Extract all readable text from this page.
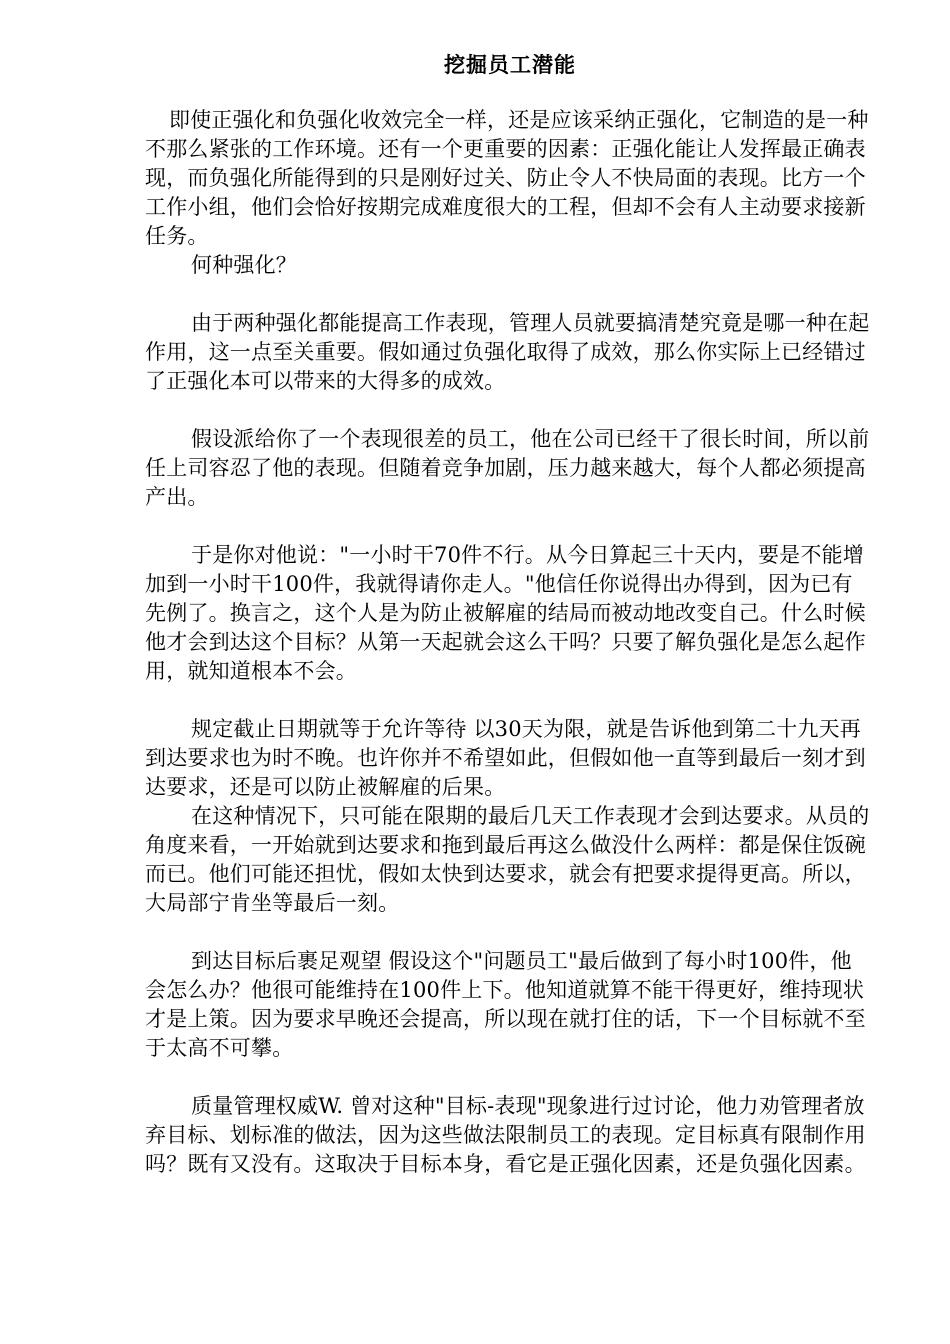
挖掘员工潜能

即使正强化和负强化收效完全一样，还是应该采纳正强化，它制造的是一种不那么紧张的工作环境。还有一个更重要的因素：正强化能让人发挥最正确表现，而负强化所能得到的只是刚好过关、防止令人不快局面的表现。比方一个工作小组，他们会恰好按期完成难度很大的工程，但却不会有人主动要求接新任务。

何种强化？

由于两种强化都能提高工作表现，管理人员就要搞清楚究竟是哪一种在起作用，这一点至关重要。假如通过负强化取得了成效，那么你实际上已经错过了正强化本可以带来的大得多的成效。

假设派给你了一个表现很差的员工，他在公司已经干了很长时间，所以前任上司容忍了他的表现。但随着竞争加剧，压力越来越大，每个人都必须提高产出。

于是你对他说："一小时干70件不行。从今日算起三十天内，要是不能增加到一小时干100件，我就得请你走人。"他信任你说得出办得到，因为已有先例了。换言之，这个人是为防止被解雇的结局而被动地改变自己。什么时候他才会到达这个目标？从第一天起就会这么干吗？只要了解负强化是怎么起作用，就知道根本不会。

规定截止日期就等于允许等待 以30天为限，就是告诉他到第二十九天再到达要求也为时不晚。也许你并不希望如此，但假如他一直等到最后一刻才到达要求，还是可以防止被解雇的后果。

在这种情况下，只可能在限期的最后几天工作表现才会到达要求。从员的角度来看，一开始就到达要求和拖到最后再这么做没什么两样：都是保住饭碗而已。他们可能还担忧，假如太快到达要求，就会有把要求提得更高。所以，大局部宁肯坐等最后一刻。

到达目标后裹足观望 假设这个"问题员工"最后做到了每小时100件，他会怎么办？他很可能维持在100件上下。他知道就算不能干得更好，维持现状才是上策。因为要求早晚还会提高，所以现在就打住的话，下一个目标就不至于太高不可攀。

质量管理权威W. 曾对这种"目标-表现"现象进行过讨论，他力劝管理者放弃目标、划标准的做法，因为这些做法限制员工的表现。定目标真有限制作用吗？既有又没有。这取决于目标本身，看它是正强化因素，还是负强化因素。
